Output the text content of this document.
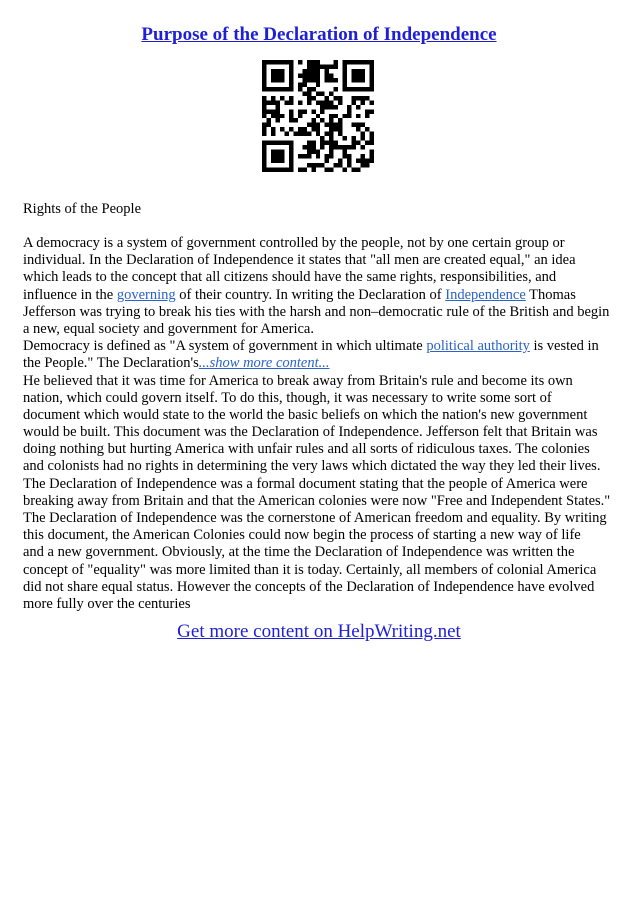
Purpose of the Declaration of Independence
Rights of the People
A democracy is a system of government controlled by the people, not by one certain group or
individual. In the Declaration of Independence it states that "all men are created equal," an idea
which leads to the concept that all citizens should have the same rights, responsibilities, and
influence in the governing of their country. In writing the Declaration of Independence Thomas
Jefferson was trying to break his ties with the harsh and non–democratic rule of the British and begin
a new, equal society and government for America.
Democracy is defined as "A system of government in which ultimate political authority is vested in
the People." The Declaration's...show more content...
He believed that it was time for America to break away from Britain's rule and become its own
nation, which could govern itself. To do this, though, it was necessary to write some sort of
document which would state to the world the basic beliefs on which the nation's new government
would be built. This document was the Declaration of Independence. Jefferson felt that Britain was
doing nothing but hurting America with unfair rules and all sorts of ridiculous taxes. The colonies
and colonists had no rights in determining the very laws which dictated the way they led their lives.
The Declaration of Independence was a formal document stating that the people of America were
breaking away from Britain and that the American colonies were now "Free and Independent States."
The Declaration of Independence was the cornerstone of American freedom and equality. By writing
this document, the American Colonies could now begin the process of starting a new way of life
and a new government. Obviously, at the time the Declaration of Independence was written the
concept of "equality" was more limited than it is today. Certainly, all members of colonial America
did not share equal status. However the concepts of the Declaration of Independence have evolved
more fully over the centuries
Get more content on HelpWriting.net
